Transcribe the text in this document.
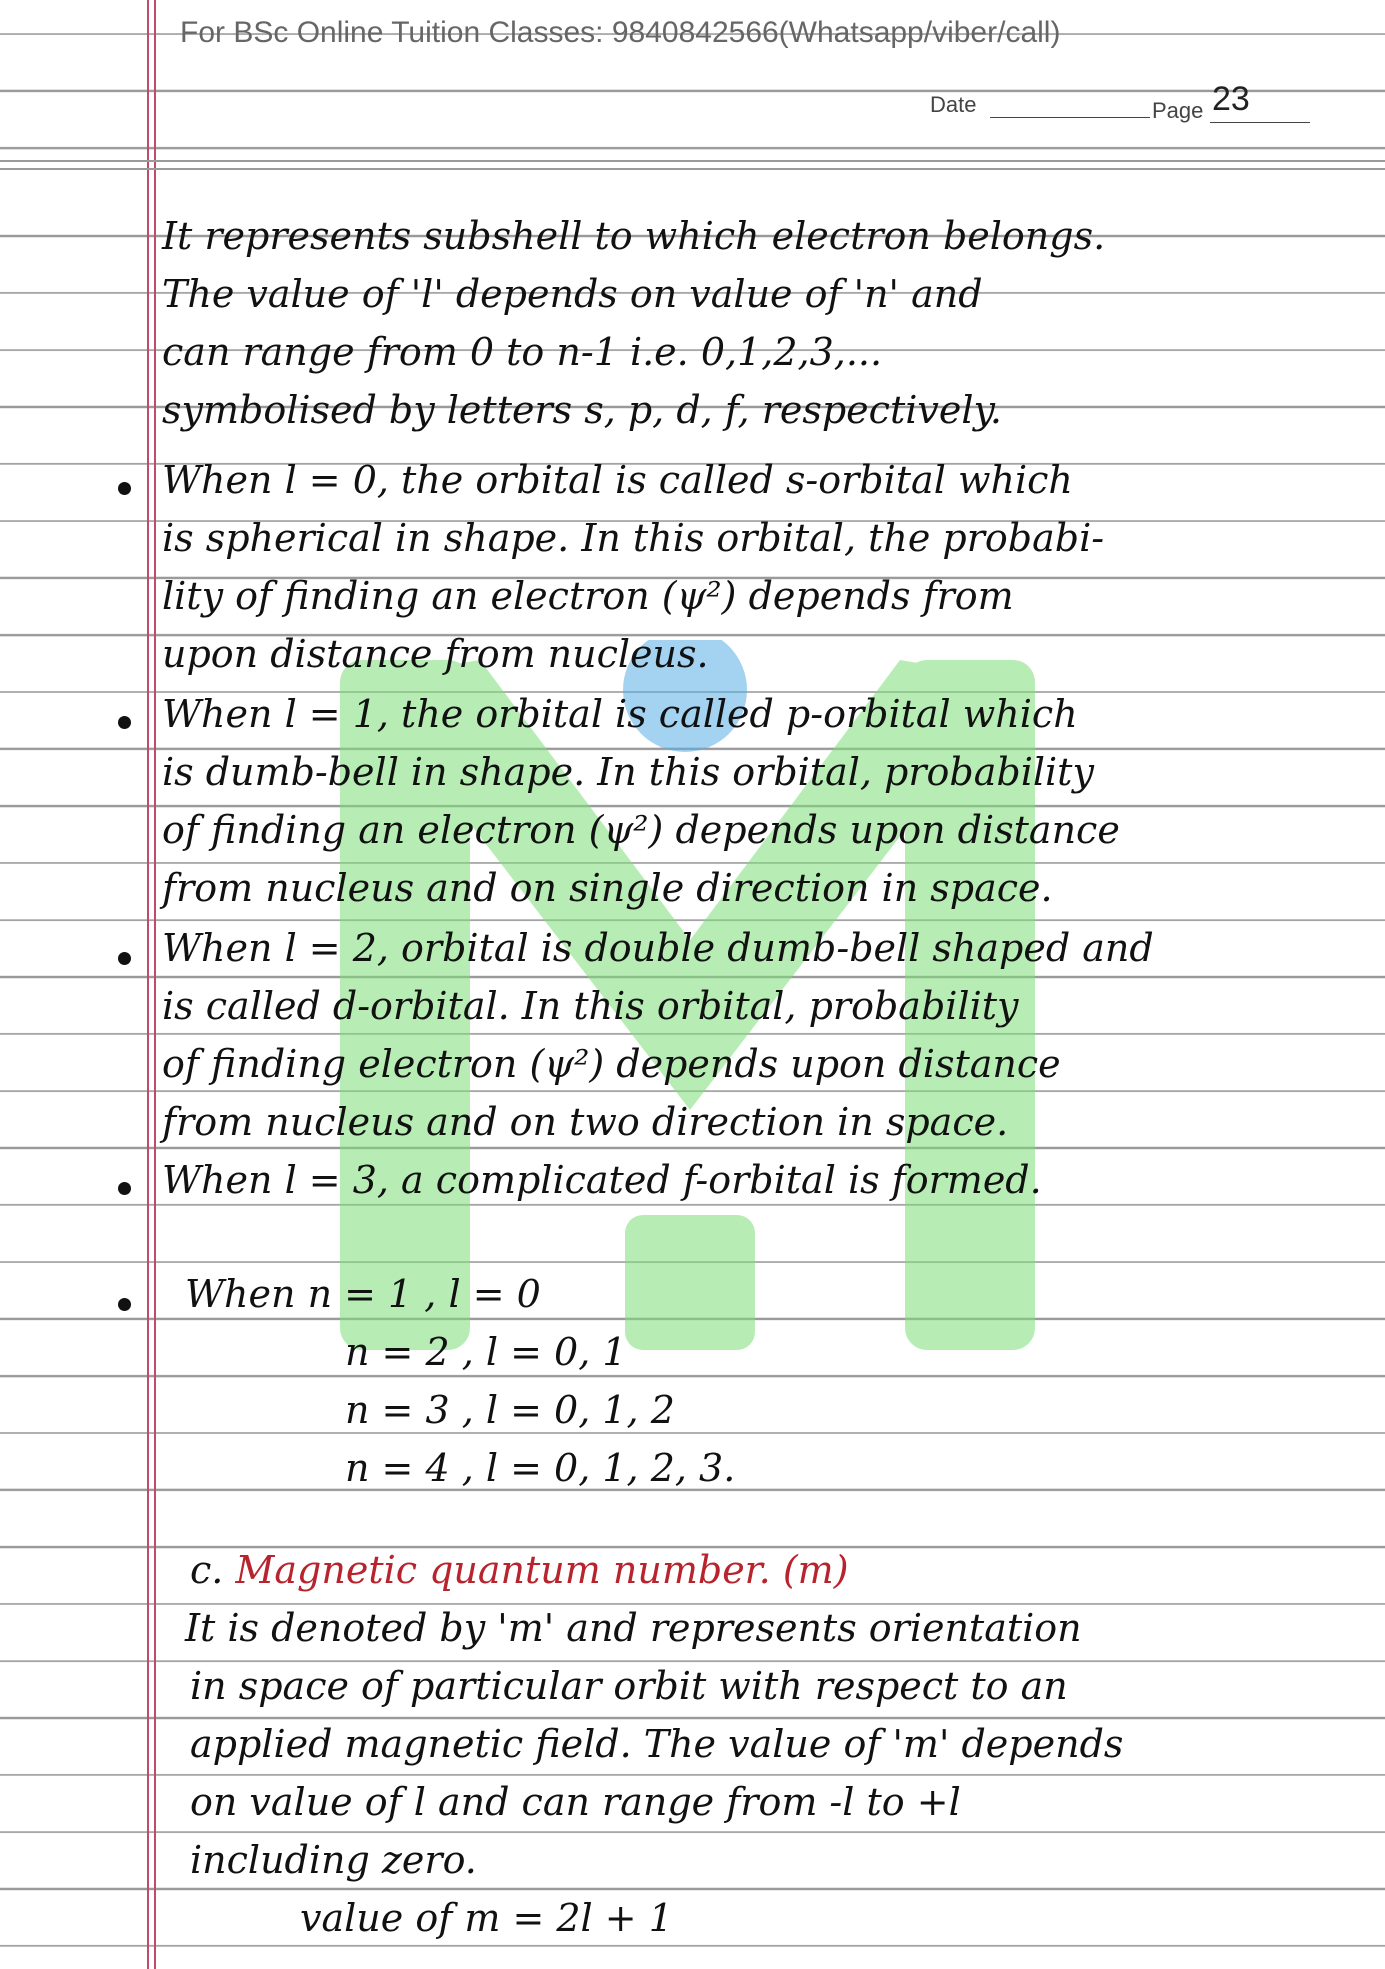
For BSc Online Tuition Classes: 9840842566(Whatsapp/viber/call)
Date	Page 23
It represents subshell to which electron belongs.
The value of 'l' depends on value of 'n' and
can range from 0 to n-1 i.e. 0,1,2,3,...
symbolised by letters s, p, d, f, respectively.
When l = 0, the orbital is called s-orbital which
is spherical in shape. In this orbital, the probabi-
lity of finding an electron (ψ²) depends from
upon distance from nucleus.
When l = 1, the orbital is called p-orbital which
is dumb-bell in shape. In this orbital, probability
of finding an electron (ψ²) depends upon distance
from nucleus and on single direction in space.
When l = 2, orbital is double dumb-bell shaped and
is called d-orbital. In this orbital, probability
of finding electron (ψ²) depends upon distance
from nucleus and on two direction in space.
When l = 3, a complicated f-orbital is formed.
When n = 1 , l = 0
n = 2 , l = 0, 1
n = 3 , l = 0, 1, 2
n = 4 , l = 0, 1, 2, 3.
c. Magnetic quantum number. (m)
It is denoted by 'm' and represents orientation
in space of particular orbit with respect to an
applied magnetic field. The value of 'm' depends
on value of l and can range from -l to +l
including zero.
value of m = 2l + 1
